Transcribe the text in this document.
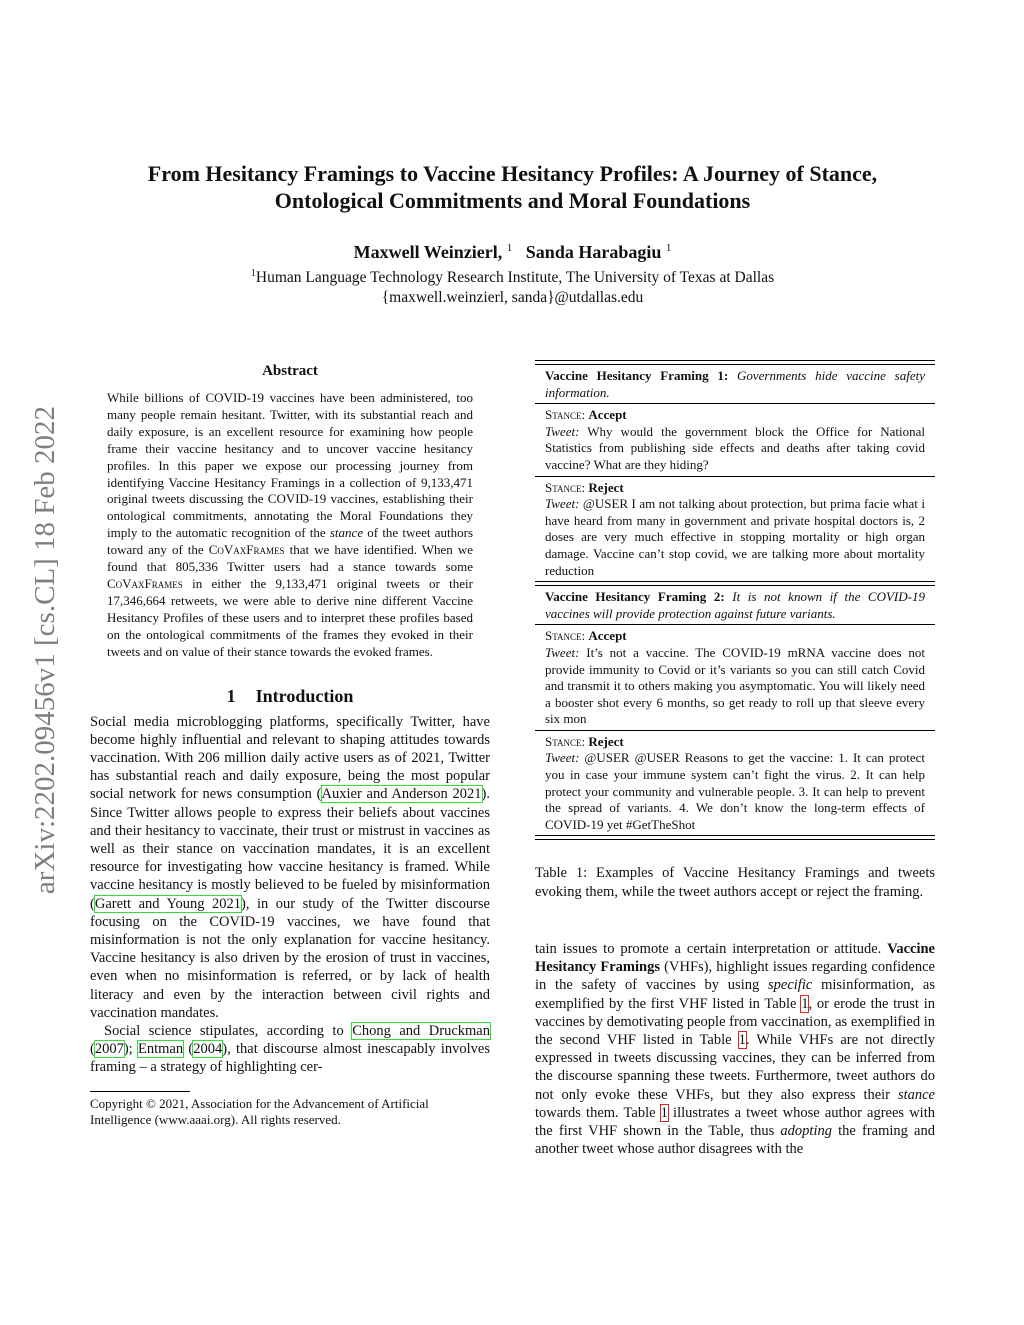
arXiv:2202.09456v1 [cs.CL] 18 Feb 2022
From Hesitancy Framings to Vaccine Hesitancy Profiles: A Journey of Stance,
Ontological Commitments and Moral Foundations
Maxwell Weinzierl, $^1$ Sanda Harabagiu $^1$
$^1$Human Language Technology Research Institute, The University of Texas at Dallas
{maxwell.weinzierl, sanda}@utdallas.edu
Abstract
While billions of COVID-19 vaccines have been administered, too many people remain hesitant. Twitter, with its substantial reach and daily exposure, is an excellent resource for examining how people frame their vaccine hesitancy and to uncover vaccine hesitancy profiles. In this paper we expose our processing journey from identifying Vaccine Hesitancy Framings in a collection of 9,133,471 original tweets discussing the COVID-19 vaccines, establishing their ontological commitments, annotating the Moral Foundations they imply to the automatic recognition of the stance of the tweet authors toward any of the CoVaxFrames that we have identified. When we found that 805,336 Twitter users had a stance towards some CoVaxFrames in either the 9,133,471 original tweets or their 17,346,664 retweets, we were able to derive nine different Vaccine Hesitancy Profiles of these users and to interpret these profiles based on the ontological commitments of the frames they evoked in their tweets and on value of their stance towards the evoked frames.
1 Introduction

Social media microblogging platforms, specifically Twitter, have become highly influential and relevant to shaping attitudes towards vaccination. With 206 million daily active users as of 2021, Twitter has substantial reach and daily exposure, being the most popular social network for news consumption (Auxier and Anderson 2021). Since Twitter allows people to express their beliefs about vaccines and their hesitancy to vaccinate, their trust or mistrust in vaccines as well as their stance on vaccination mandates, it is an excellent resource for investigating how vaccine hesitancy is framed. While vaccine hesitancy is mostly believed to be fueled by misinformation (Garett and Young 2021), in our study of the Twitter discourse focusing on the COVID-19 vaccines, we have found that misinformation is not the only explanation for vaccine hesitancy. Vaccine hesitancy is also driven by the erosion of trust in vaccines, even when no misinformation is referred, or by lack of health literacy and even by the interaction between civil rights and vaccination mandates.

Social science stipulates, according to Chong and Druckman (2007); Entman (2004), that discourse almost inescapably involves framing – a strategy of highlighting cer-

Copyright © 2021, Association for the Advancement of Artificial Intelligence (www.aaai.org). All rights reserved.
Vaccine Hesitancy Framing 1: Governments hide vaccine safety information.
Stance: Accept
Tweet: Why would the government block the Office for National Statistics from publishing side effects and deaths after taking covid vaccine? What are they hiding?
Stance: Reject
Tweet: @USER I am not talking about protection, but prima facie what i have heard from many in government and private hospital doctors is, 2 doses are very much effective in stopping mortality or high organ damage. Vaccine can’t stop covid, we are talking more about mortality reduction
Vaccine Hesitancy Framing 2: It is not known if the COVID-19 vaccines will provide protection against future variants.
Stance: Accept
Tweet: It’s not a vaccine. The COVID-19 mRNA vaccine does not provide immunity to Covid or it’s variants so you can still catch Covid and transmit it to others making you asymptomatic. You will likely need a booster shot every 6 months, so get ready to roll up that sleeve every six mon
Stance: Reject
Tweet: @USER @USER Reasons to get the vaccine: 1. It can protect you in case your immune system can’t fight the virus. 2. It can help protect your community and vulnerable people. 3. It can help to prevent the spread of variants. 4. We don’t know the long-term effects of COVID-19 yet #GetTheShot
Table 1: Examples of Vaccine Hesitancy Framings and tweets evoking them, while the tweet authors accept or reject the framing.
tain issues to promote a certain interpretation or attitude. Vaccine Hesitancy Framings (VHFs), highlight issues regarding confidence in the safety of vaccines by using specific misinformation, as exemplified by the first VHF listed in Table 1, or erode the trust in vaccines by demotivating people from vaccination, as exemplified in the second VHF listed in Table 1. While VHFs are not directly expressed in tweets discussing vaccines, they can be inferred from the discourse spanning these tweets. Furthermore, tweet authors do not only evoke these VHFs, but they also express their stance towards them. Table 1 illustrates a tweet whose author agrees with the first VHF shown in the Table, thus adopting the framing and another tweet whose author disagrees with the
